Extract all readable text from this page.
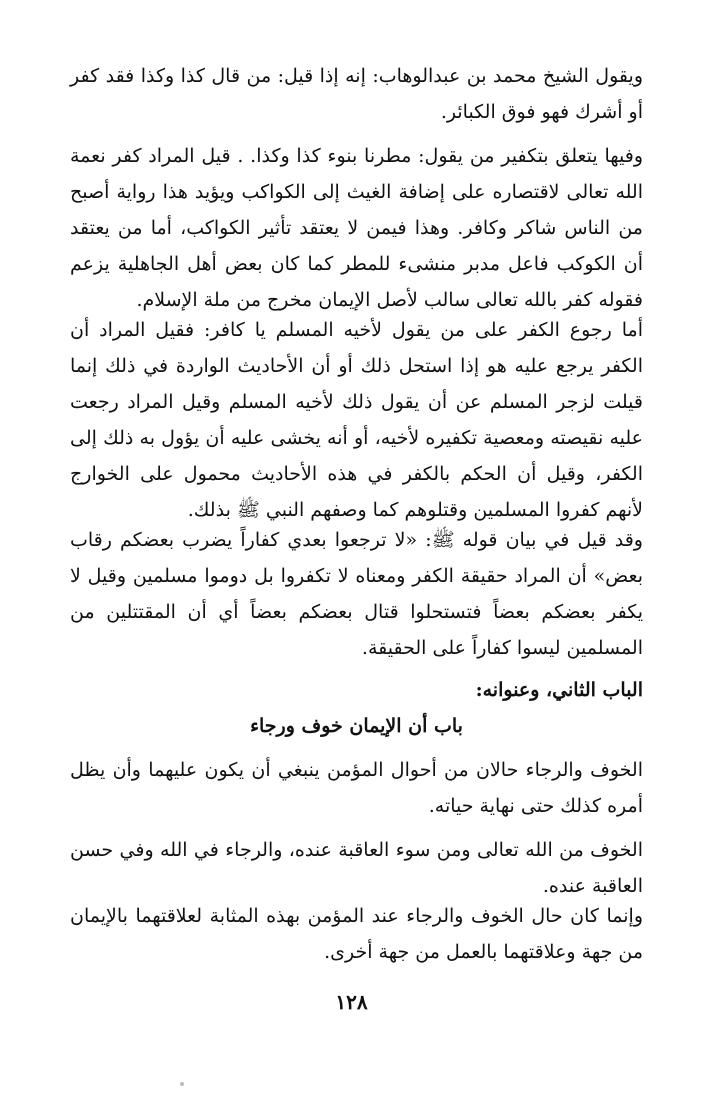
ويقول الشيخ محمد بن عبدالوهاب: إنه إذا قيل: من قال كذا وكذا فقد كفر أو أشرك فهو فوق الكبائر.

وفيها يتعلق بتكفير من يقول: مطرنا بنوء كذا وكذا. . قيل المراد كفر نعمة الله تعالى لاقتصاره على إضافة الغيث إلى الكواكب ويؤيد هذا رواية أصبح من الناس شاكر وكافر. وهذا فيمن لا يعتقد تأثير الكواكب، أما من يعتقد أن الكوكب فاعل مدبر منشىء للمطر كما كان بعض أهل الجاهلية يزعم فقوله كفر بالله تعالى سالب لأصل الإيمان مخرج من ملة الإسلام.

أما رجوع الكفر على من يقول لأخيه المسلم يا كافر: فقيل المراد أن الكفر يرجع عليه هو إذا استحل ذلك أو أن الأحاديث الواردة في ذلك إنما قيلت لزجر المسلم عن أن يقول ذلك لأخيه المسلم وقيل المراد رجعت عليه نقيصته ومعصية تكفيره لأخيه، أو أنه يخشى عليه أن يؤول به ذلك إلى الكفر، وقيل أن الحكم بالكفر في هذه الأحاديث محمول على الخوارج لأنهم كفروا المسلمين وقتلوهم كما وصفهم النبي ﷺ بذلك.

وقد قيل في بيان قوله ﷺ: «لا ترجعوا بعدي كفاراً يضرب بعضكم رقاب بعض» أن المراد حقيقة الكفر ومعناه لا تكفروا بل دوموا مسلمين وقيل لا يكفر بعضكم بعضاً فتستحلوا قتال بعضكم بعضاً أي أن المقتتلين من المسلمين ليسوا كفاراً على الحقيقة.

الباب الثاني، وعنوانه:

باب أن الإيمان خوف ورجاء

الخوف والرجاء حالان من أحوال المؤمن ينبغي أن يكون عليهما وأن يظل أمره كذلك حتى نهاية حياته.

الخوف من الله تعالى ومن سوء العاقبة عنده، والرجاء في الله وفي حسن العاقبة عنده.

وإنما كان حال الخوف والرجاء عند المؤمن بهذه المثابة لعلاقتهما بالإيمان من جهة وعلاقتهما بالعمل من جهة أخرى.

١٢٨
